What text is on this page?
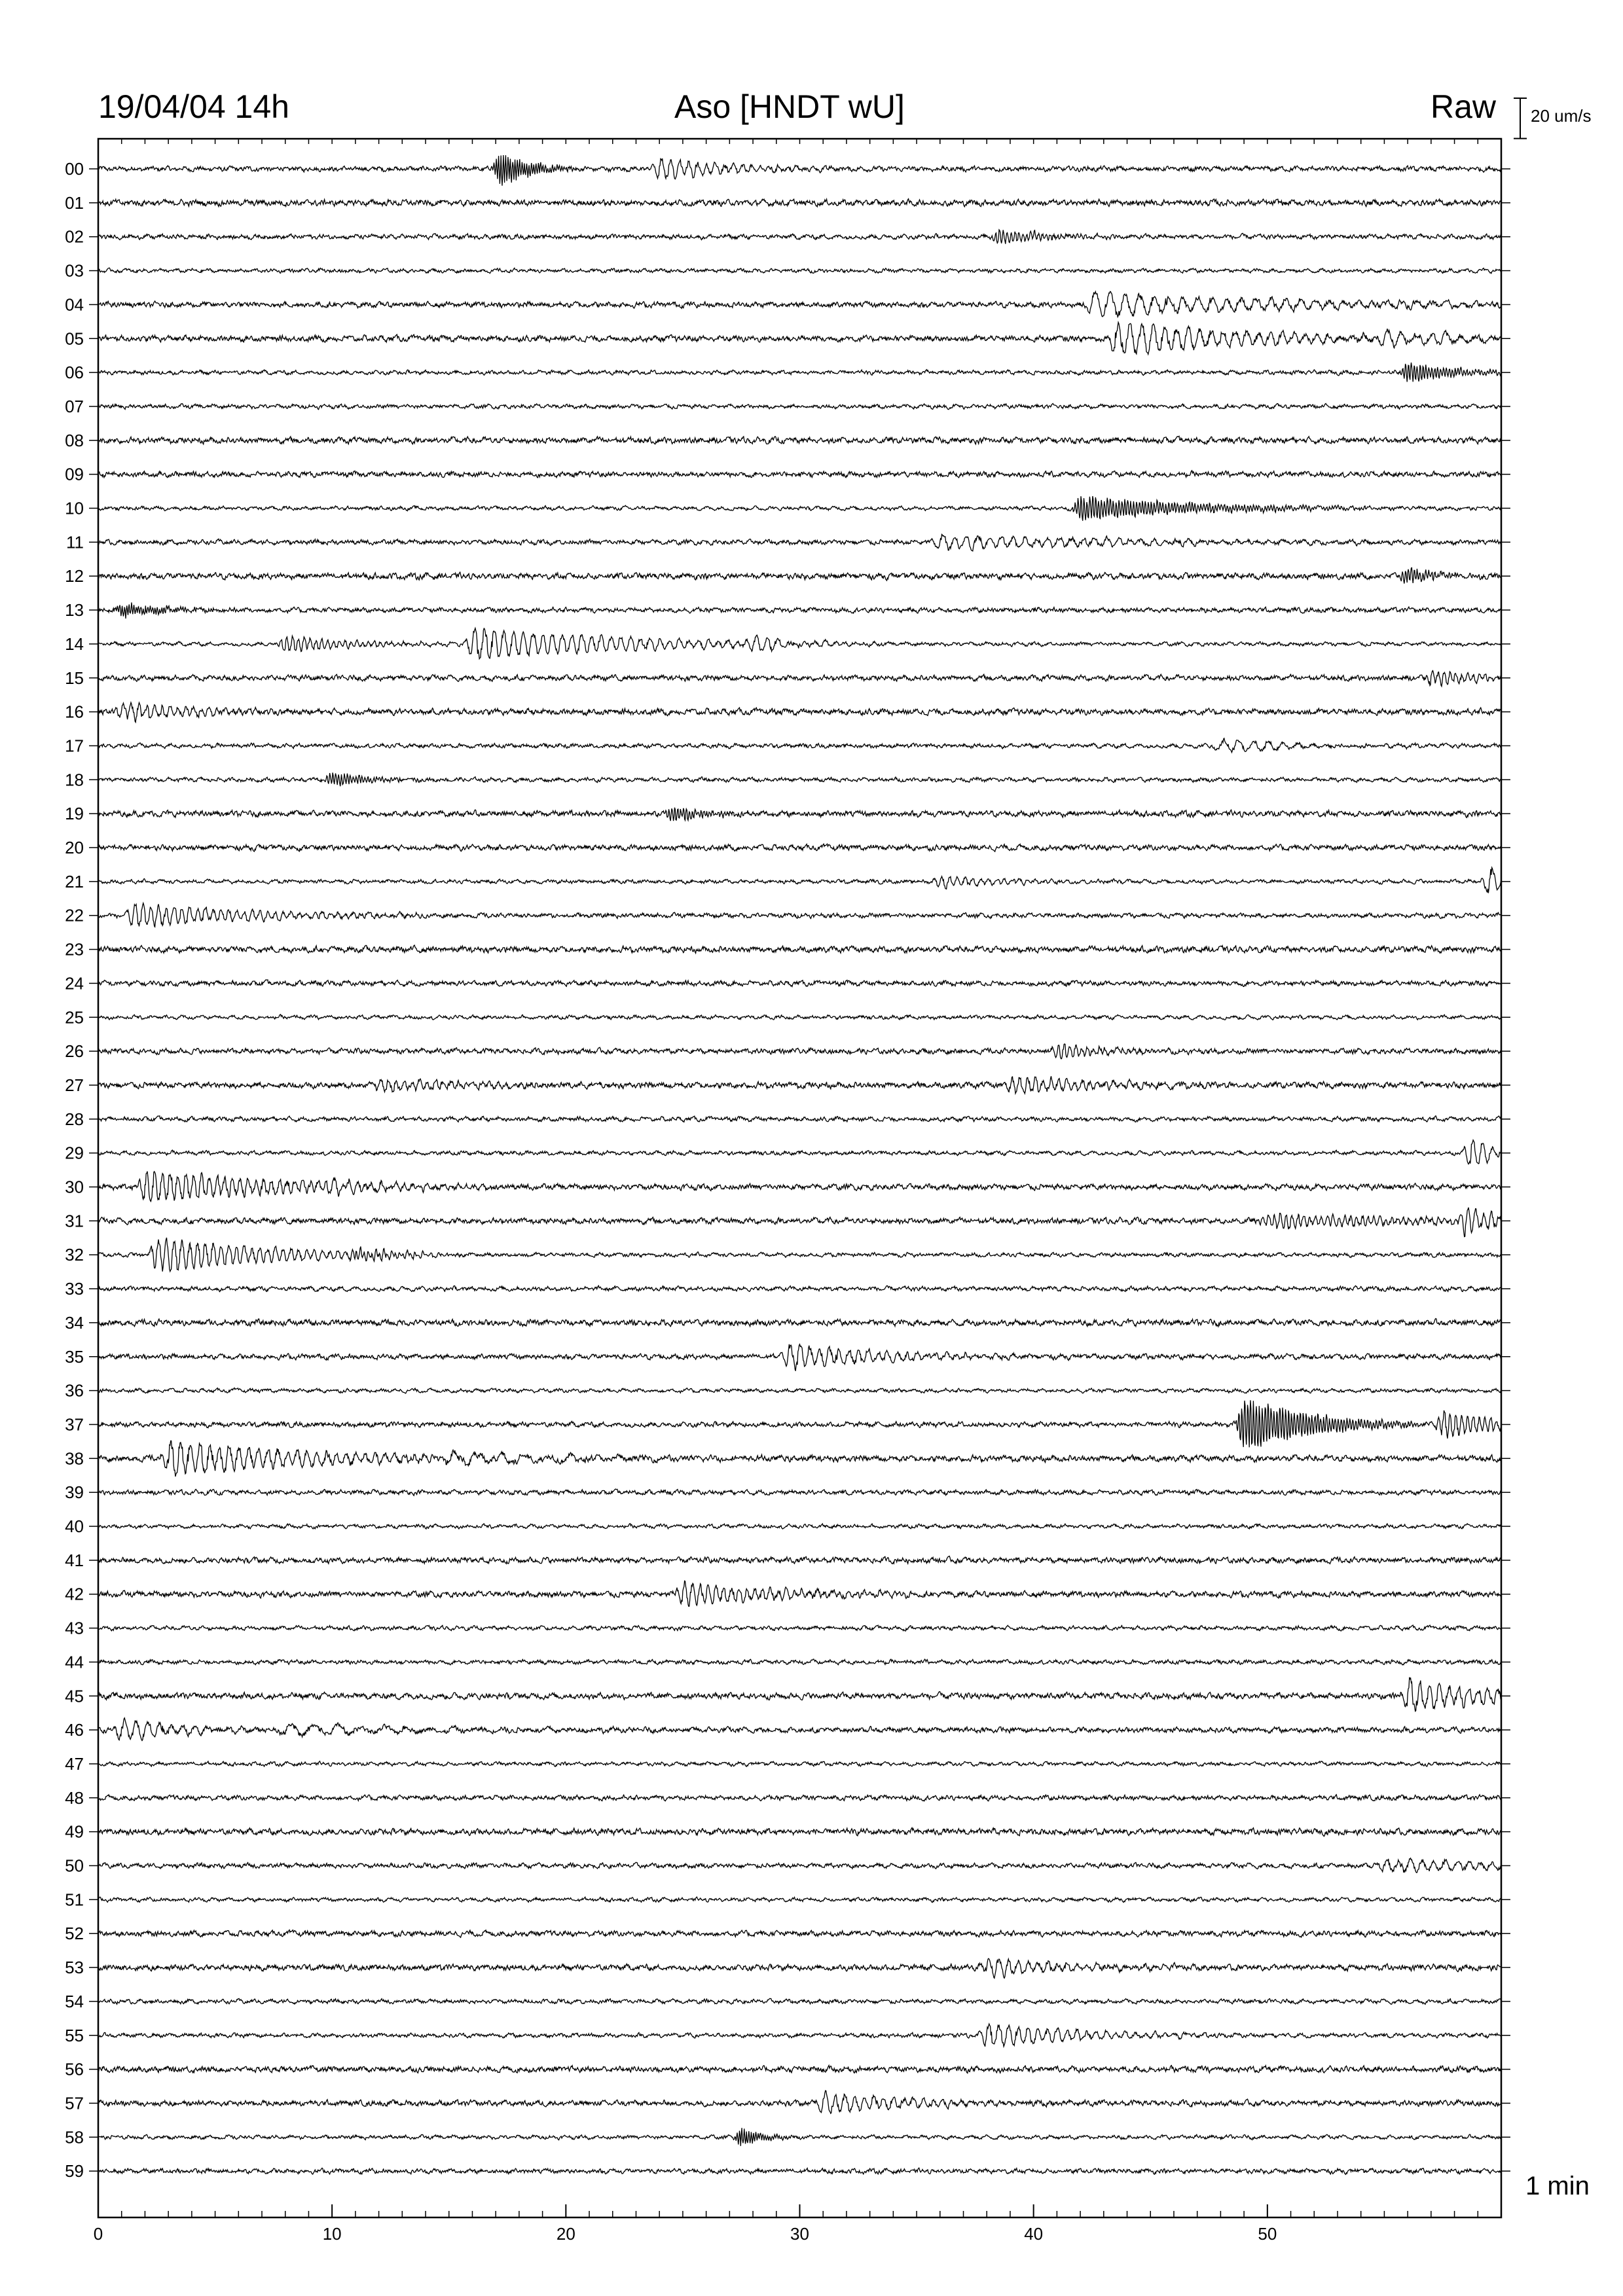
00
01
02
03
04
05
06
07
08
09
10
11
12
13
14
15
16
17
18
19
20
21
22
23
24
25
26
27
28
29
30
31
32
33
34
35
36
37
38
39
40
41
42
43
44
45
46
47
48
49
50
51
52
53
54
55
56
57
58
59
0	10	20	30	40	50
19/04/04 14h	Aso [HNDT wU]	Raw 20 um/s
1 min
